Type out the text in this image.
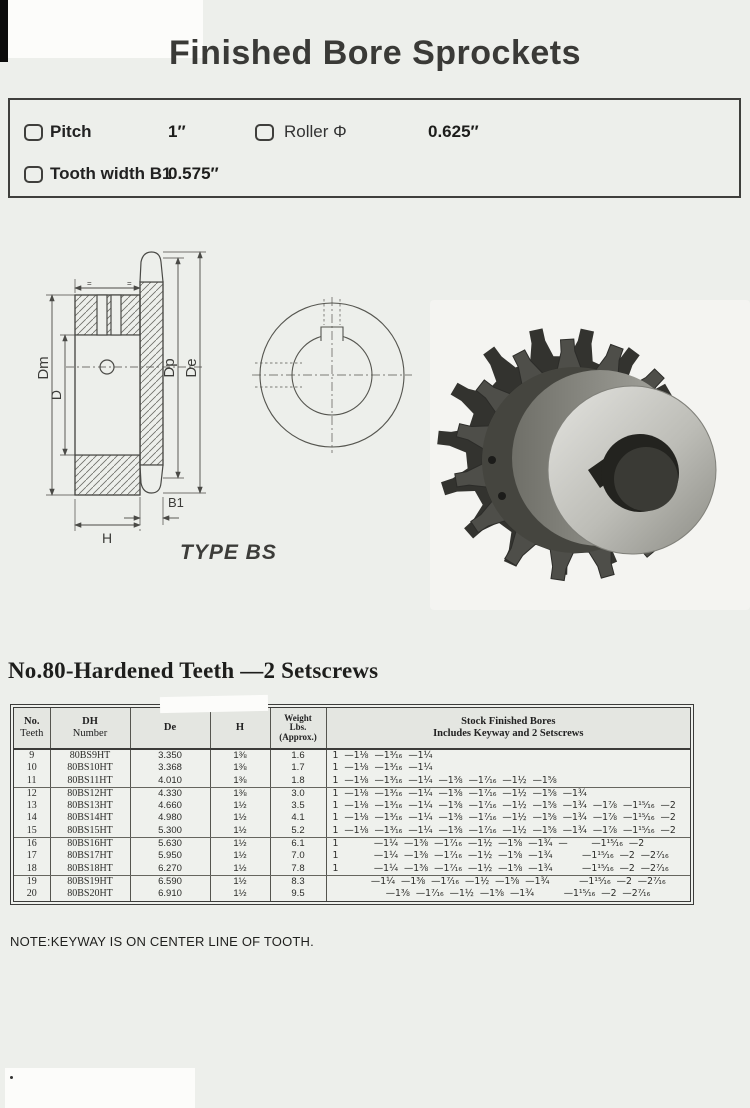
Finished Bore Sprockets
Pitch	1″	Roller Φ	0.625″
Tooth width B1
0.575″
=	=
Dm
D
Dp De
B1
H
TYPE BS
No.80-Hardened Teeth —2 Setscrews
No.
Teeth	DH
Number	De	H	Weight
Lbs.
(Approx.)	Stock Finished Bores
Includes Keyway and 2 Setscrews
9	80BS9HT	3.350	1⅜	1.6	1  —1⅛  —1³⁄₁₆  —1¼
10	80BS10HT	3.368	1⅜	1.7	1  —1⅛  —1³⁄₁₆  —1¼
11	80BS11HT	4.010	1⅜	1.8	1  —1⅛  —1³⁄₁₆  —1¼  —1⅜  —1⁷⁄₁₆  —1½  —1⅝
12	80BS12HT	4.330	1⅜	3.0	1  —1⅛  —1³⁄₁₆  —1¼  —1⅜  —1⁷⁄₁₆  —1½  —1⅝  —1¾
13	80BS13HT	4.660	1½	3.5	1  —1⅛  —1³⁄₁₆  —1¼  —1⅜  —1⁷⁄₁₆  —1½  —1⅝  —1¾  —1⅞  —1¹⁵⁄₁₆  —2
14	80BS14HT	4.980	1½	4.1	1  —1⅛  —1³⁄₁₆  —1¼  —1⅜  —1⁷⁄₁₆  —1½  —1⅝  —1¾  —1⅞  —1¹⁵⁄₁₆  —2
15	80BS15HT	5.300	1½	5.2	1  —1⅛  —1³⁄₁₆  —1¼  —1⅜  —1⁷⁄₁₆  —1½  —1⅝  —1¾  —1⅞  —1¹⁵⁄₁₆  —2
16	80BS16HT	5.630	1½	6.1	1            —1¼  —1⅜  —1⁷⁄₁₆  —1½  —1⅝  —1¾  —        —1¹⁵⁄₁₆  —2
17	80BS17HT	5.950	1½	7.0	1            —1¼  —1⅜  —1⁷⁄₁₆  —1½  —1⅝  —1¾          —1¹⁵⁄₁₆  —2  —2⁷⁄₁₆
18	80BS18HT	6.270	1½	7.8	1            —1¼  —1⅜  —1⁷⁄₁₆  —1½  —1⅝  —1¾          —1¹⁵⁄₁₆  —2  —2⁷⁄₁₆
19	80BS19HT	6.590	1½	8.3	—1¼  —1⅜  —1⁷⁄₁₆  —1½  —1⅝  —1¾          —1¹⁵⁄₁₆  —2  —2⁷⁄₁₆
20	80BS20HT	6.910	1½	9.5	—1⅜  —1⁷⁄₁₆  —1½  —1⅝  —1¾          —1¹⁵⁄₁₆  —2  —2⁷⁄₁₆
NOTE:KEYWAY IS ON CENTER LINE OF TOOTH.
